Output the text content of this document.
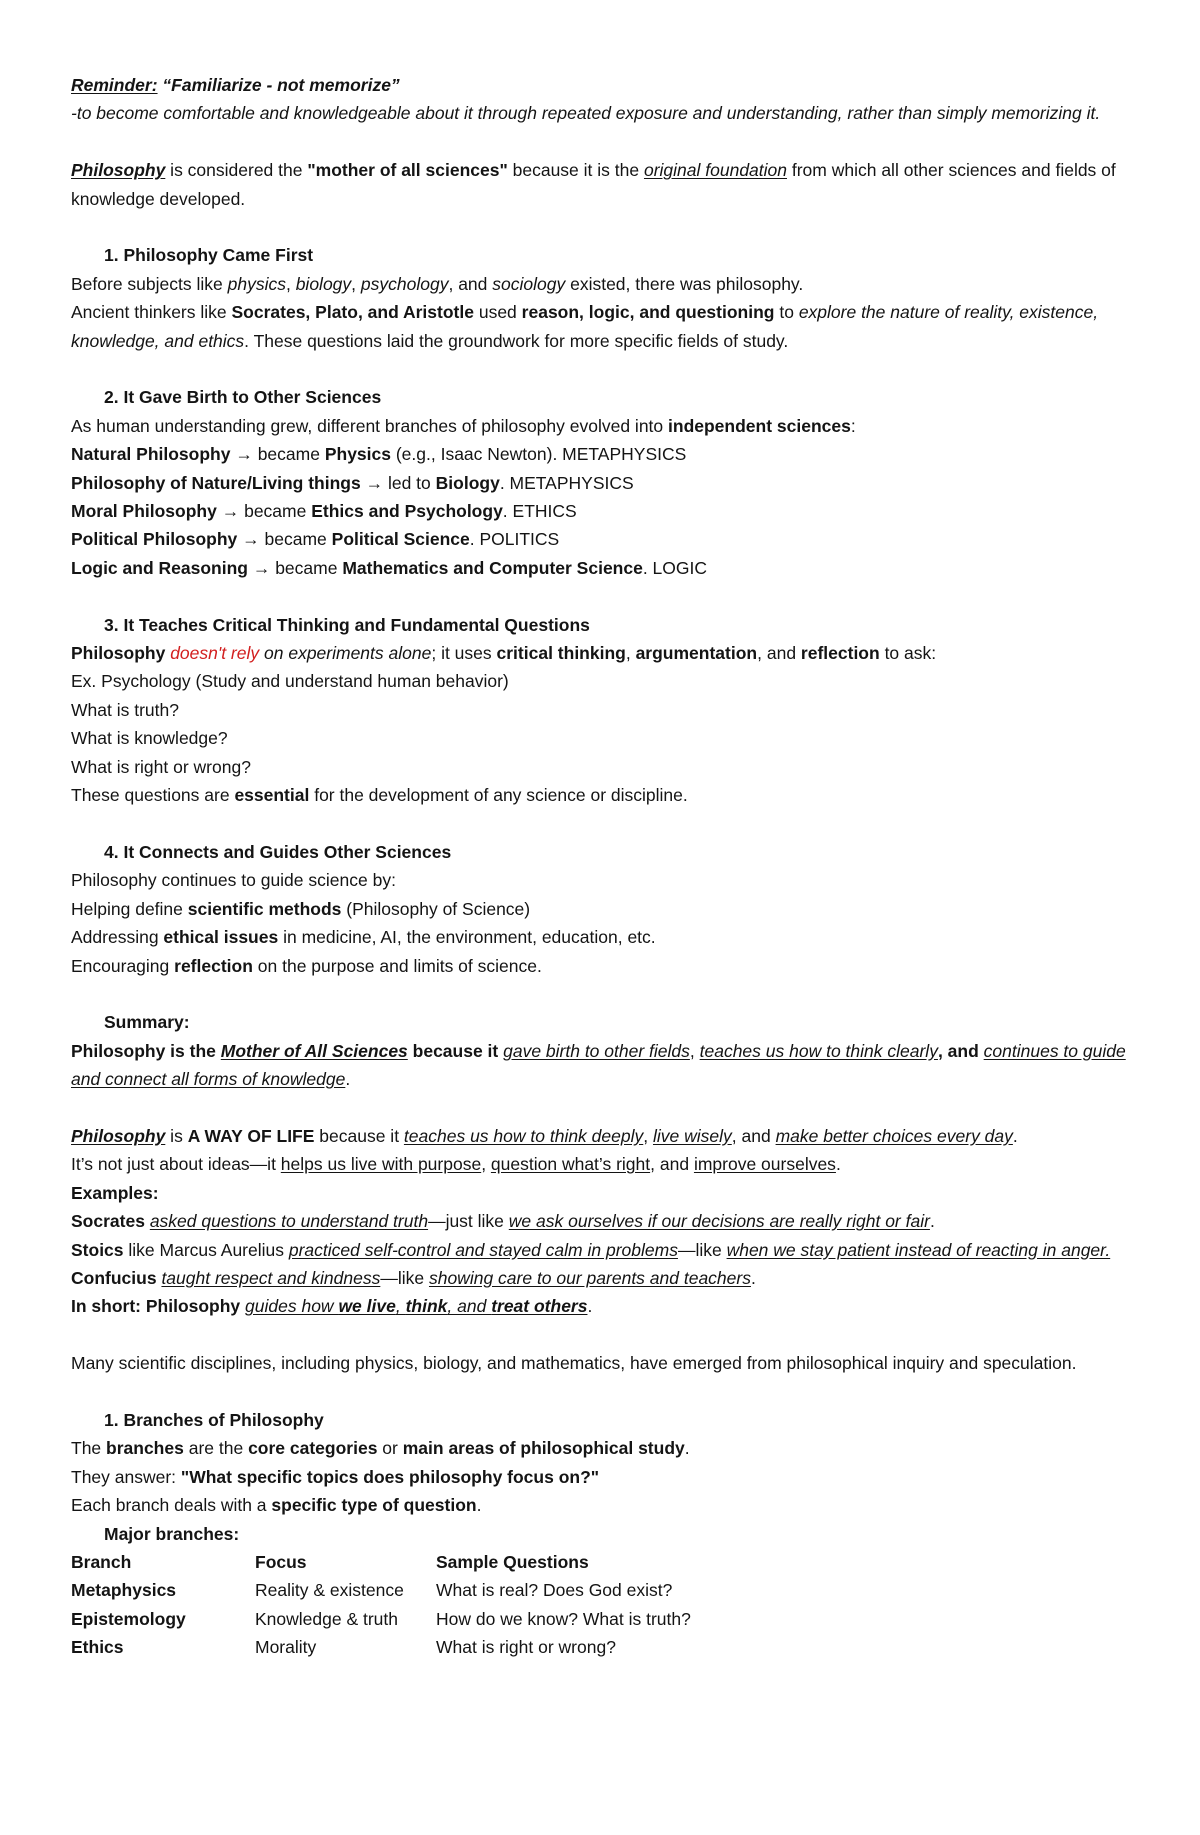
Reminder: “Familiarize - not memorize”

-to become comfortable and knowledgeable about it through repeated exposure and understanding, rather than simply memorizing it.

Philosophy is considered the "mother of all sciences" because it is the original foundation from which all other sciences and fields of knowledge developed.

1. Philosophy Came First

Before subjects like physics, biology, psychology, and sociology existed, there was philosophy.

Ancient thinkers like Socrates, Plato, and Aristotle used reason, logic, and questioning to explore the nature of reality, existence, knowledge, and ethics. These questions laid the groundwork for more specific fields of study.

2. It Gave Birth to Other Sciences

As human understanding grew, different branches of philosophy evolved into independent sciences:

Natural Philosophy → became Physics (e.g., Isaac Newton). METAPHYSICS

Philosophy of Nature/Living things → led to Biology. METAPHYSICS

Moral Philosophy → became Ethics and Psychology. ETHICS

Political Philosophy → became Political Science. POLITICS

Logic and Reasoning → became Mathematics and Computer Science. LOGIC

3. It Teaches Critical Thinking and Fundamental Questions

Philosophy doesn't rely on experiments alone; it uses critical thinking, argumentation, and reflection to ask:

Ex. Psychology (Study and understand human behavior)

What is truth?

What is knowledge?

What is right or wrong?

These questions are essential for the development of any science or discipline.

4. It Connects and Guides Other Sciences

Philosophy continues to guide science by:

Helping define scientific methods (Philosophy of Science)

Addressing ethical issues in medicine, AI, the environment, education, etc.

Encouraging reflection on the purpose and limits of science.

Summary:

Philosophy is the Mother of All Sciences because it gave birth to other fields, teaches us how to think clearly, and continues to guide and connect all forms of knowledge.

Philosophy is A WAY OF LIFE because it teaches us how to think deeply, live wisely, and make better choices every day.

It’s not just about ideas—it helps us live with purpose, question what’s right, and improve ourselves.

Examples:

Socrates asked questions to understand truth—just like we ask ourselves if our decisions are really right or fair.

Stoics like Marcus Aurelius practiced self-control and stayed calm in problems—like when we stay patient instead of reacting in anger.

Confucius taught respect and kindness—like showing care to our parents and teachers.

In short: Philosophy guides how we live, think, and treat others.

Many scientific disciplines, including physics, biology, and mathematics, have emerged from philosophical inquiry and speculation.

1. Branches of Philosophy

The branches are the core categories or main areas of philosophical study.

They answer: "What specific topics does philosophy focus on?"

Each branch deals with a specific type of question.

Major branches:

Branch	Focus	Sample Questions
Metaphysics	Reality & existence	What is real? Does God exist?
Epistemology	Knowledge & truth	How do we know? What is truth?
Ethics	Morality	What is right or wrong?
